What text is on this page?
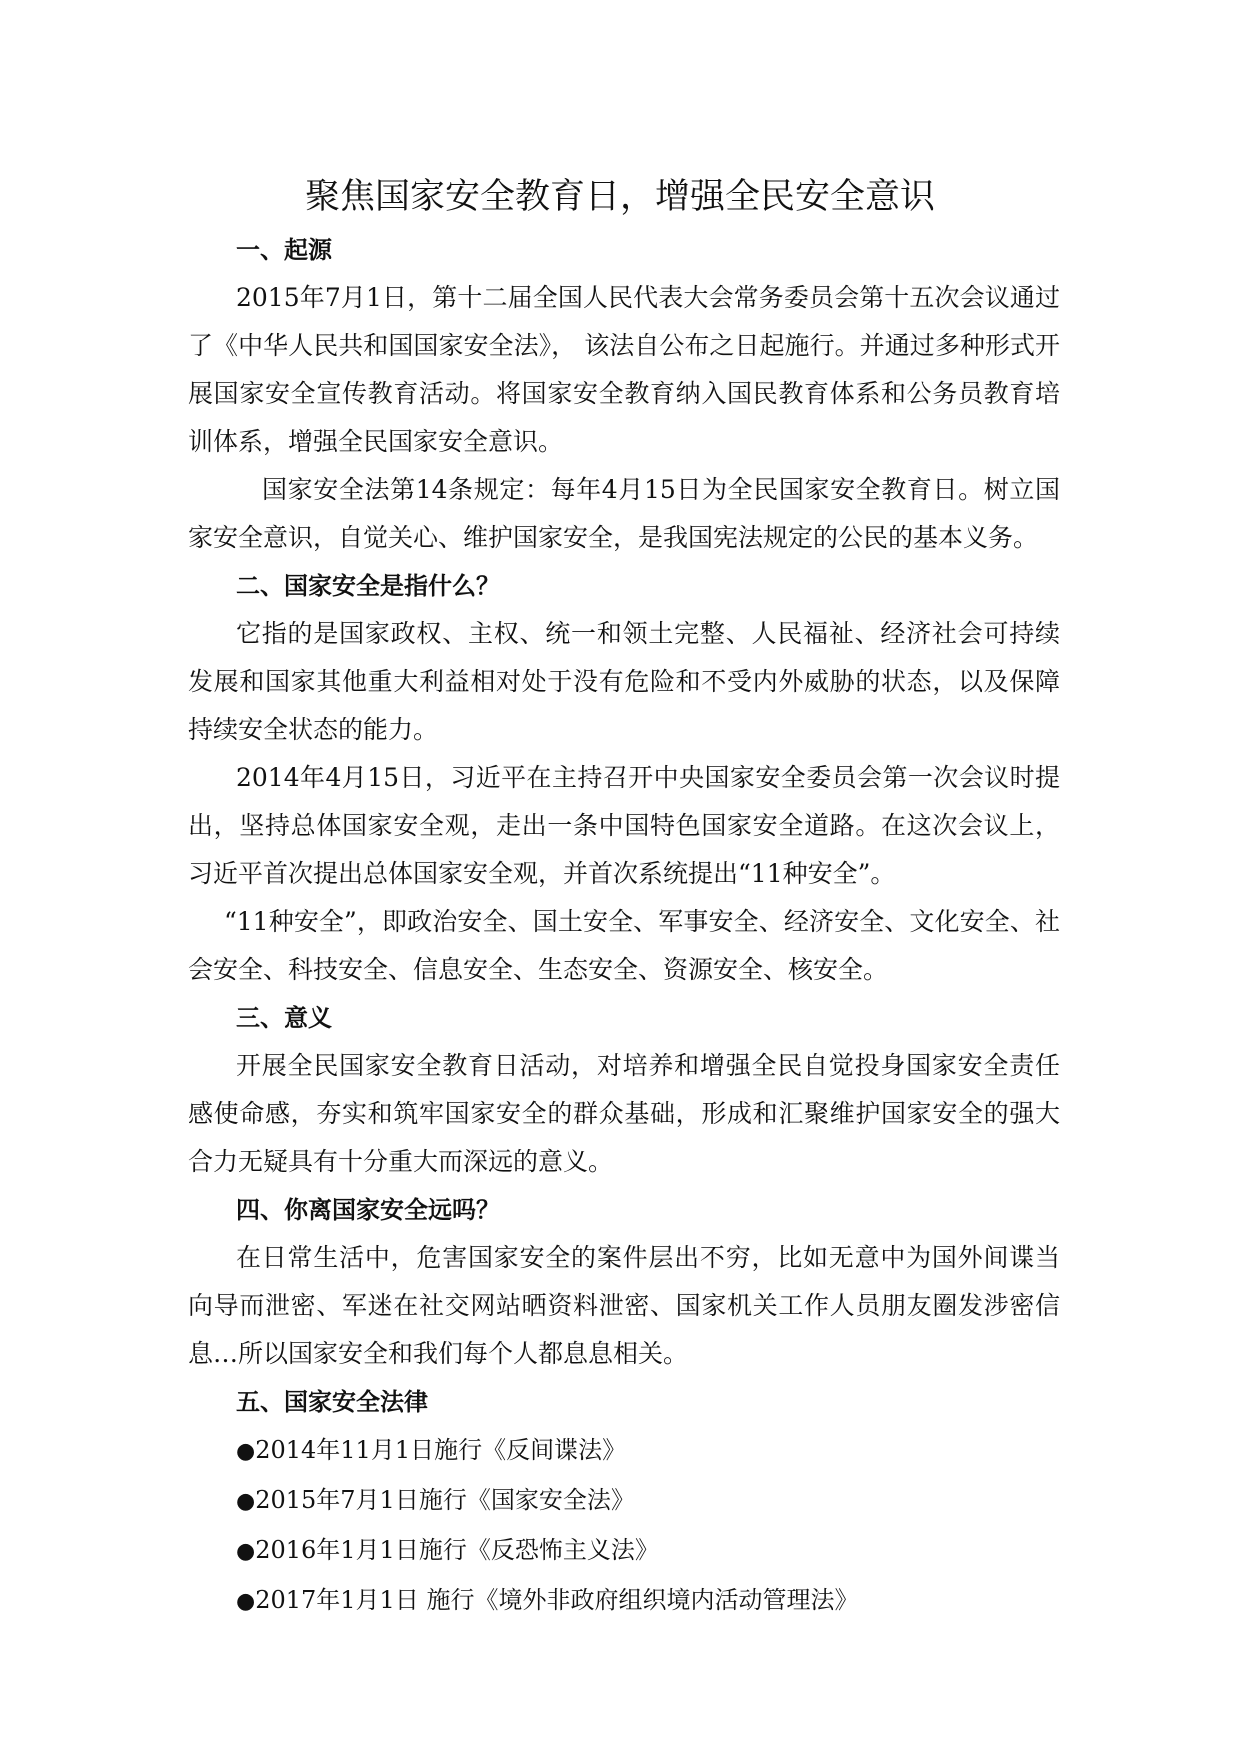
聚焦国家安全教育日，增强全民安全意识
一、起源

2015年7月1日，第十二届全国人民代表大会常务委员会第十五次会议通过了《中华人民共和国国家安全法》， 该法自公布之日起施行。并通过多种形式开展国家安全宣传教育活动。将国家安全教育纳入国民教育体系和公务员教育培训体系，增强全民国家安全意识。

国家安全法第14条规定：每年4月15日为全民国家安全教育日。树立国家安全意识，自觉关心、维护国家安全，是我国宪法规定的公民的基本义务。

二、国家安全是指什么？

它指的是国家政权、主权、统一和领土完整、人民福祉、经济社会可持续发展和国家其他重大利益相对处于没有危险和不受内外威胁的状态，以及保障持续安全状态的能力。

2014年4月15日，习近平在主持召开中央国家安全委员会第一次会议时提出，坚持总体国家安全观，走出一条中国特色国家安全道路。在这次会议上，习近平首次提出总体国家安全观，并首次系统提出“11种安全”。

“11种安全”，即政治安全、国土安全、军事安全、经济安全、文化安全、社会安全、科技安全、信息安全、生态安全、资源安全、核安全。

三、意义

开展全民国家安全教育日活动，对培养和增强全民自觉投身国家安全责任感使命感，夯实和筑牢国家安全的群众基础，形成和汇聚维护国家安全的强大合力无疑具有十分重大而深远的意义。

四、你离国家安全远吗？

在日常生活中，危害国家安全的案件层出不穷，比如无意中为国外间谍当向导而泄密、军迷在社交网站晒资料泄密、国家机关工作人员朋友圈发涉密信息…所以国家安全和我们每个人都息息相关。

五、国家安全法律
●2014年11月1日施行《反间谍法》
●2015年7月1日施行《国家安全法》
●2016年1月1日施行《反恐怖主义法》
●2017年1月1日 施行《境外非政府组织境内活动管理法》
